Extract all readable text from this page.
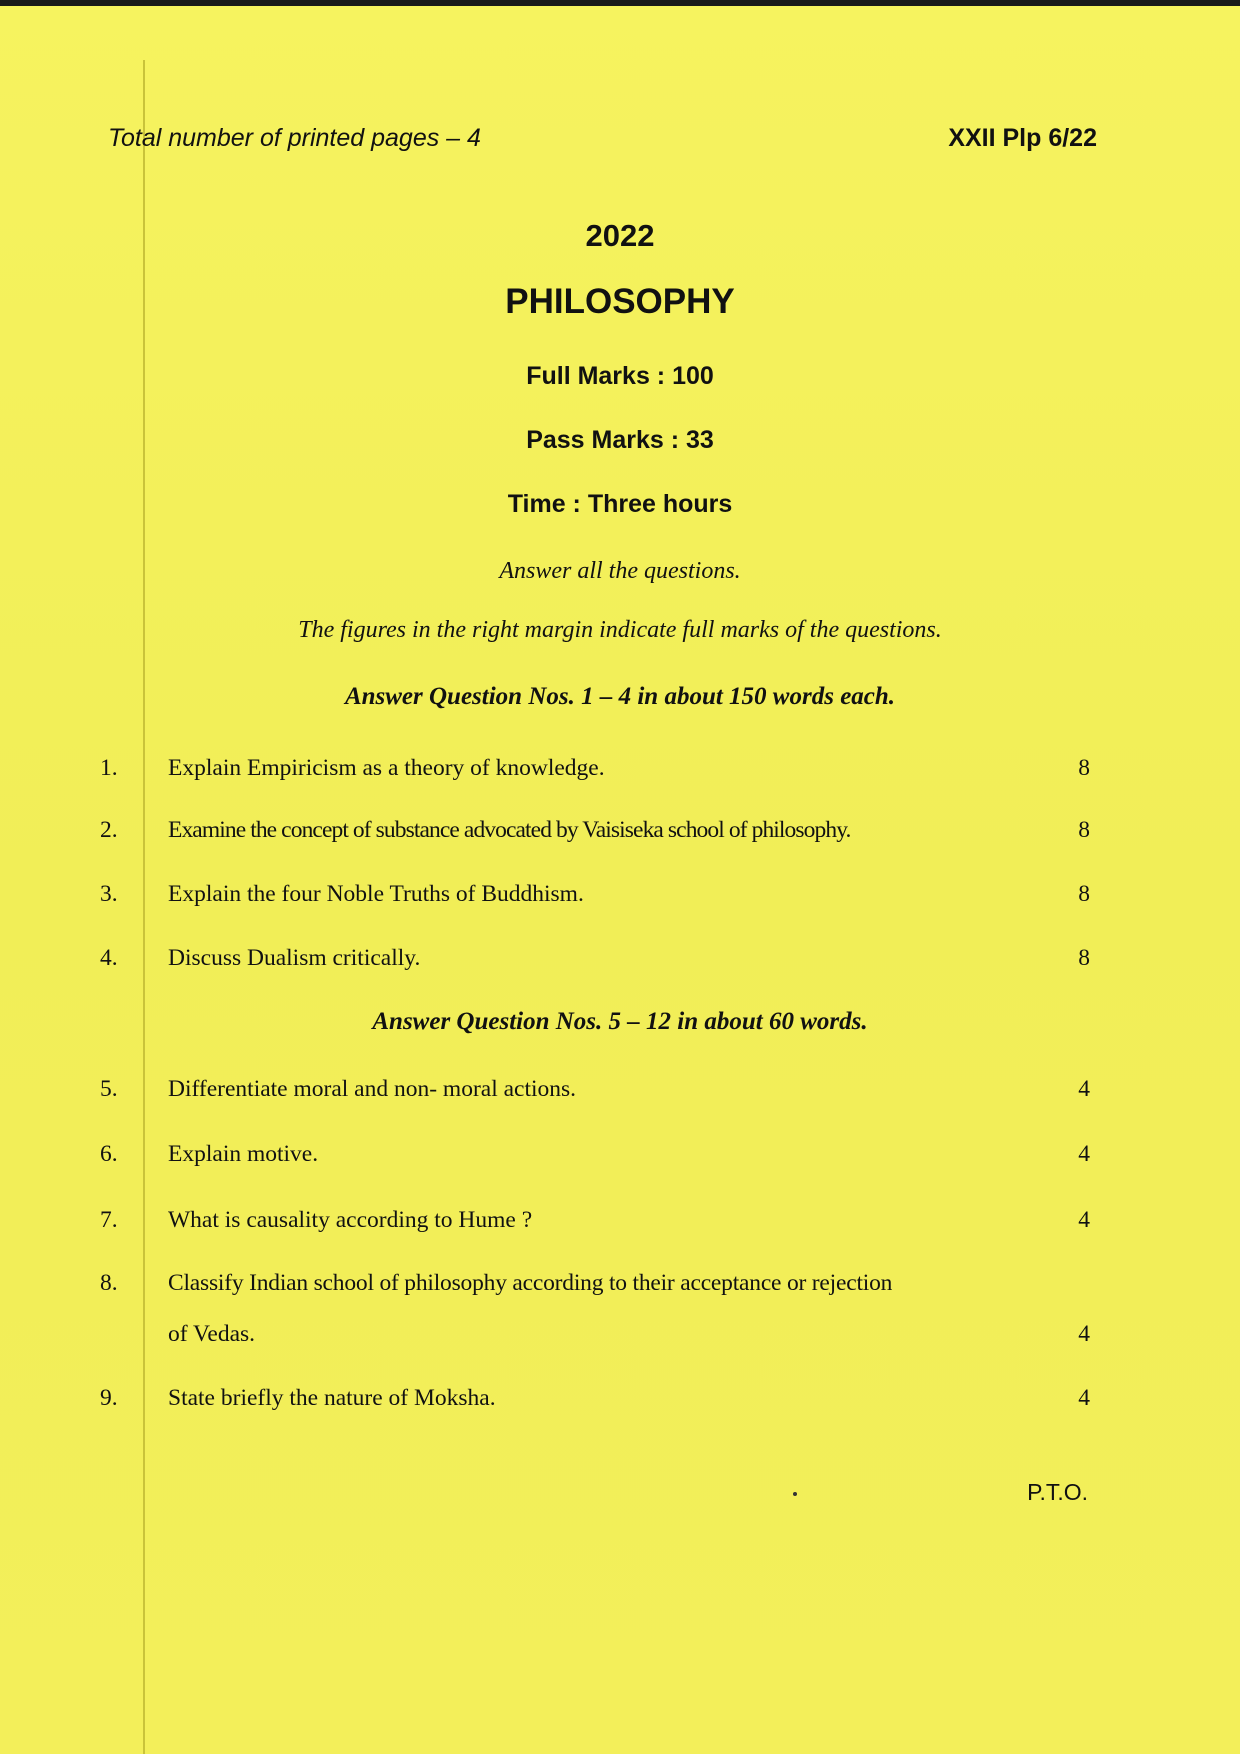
Total number of printed pages – 4	XXII Plp 6/22
2022
PHILOSOPHY
Full Marks : 100
Pass Marks : 33
Time : Three hours
Answer all the questions.
The figures in the right margin indicate full marks of the questions.
Answer Question Nos. 1 – 4 in about 150 words each.
1. Explain Empiricism as a theory of knowledge.	8
2. Examine the concept of substance advocated by Vaisiseka school of philosophy.	8
3. Explain the four Noble Truths of Buddhism.	8
4. Discuss Dualism critically.	8
Answer Question Nos. 5 – 12 in about 60 words.
5. Differentiate moral and non- moral actions.	4
6. Explain motive.	4
7. What is causality according to Hume ?	4
8. Classify Indian school of philosophy according to their acceptance or rejection
of Vedas.	4
9. State briefly the nature of Moksha.	4
P.T.O.
